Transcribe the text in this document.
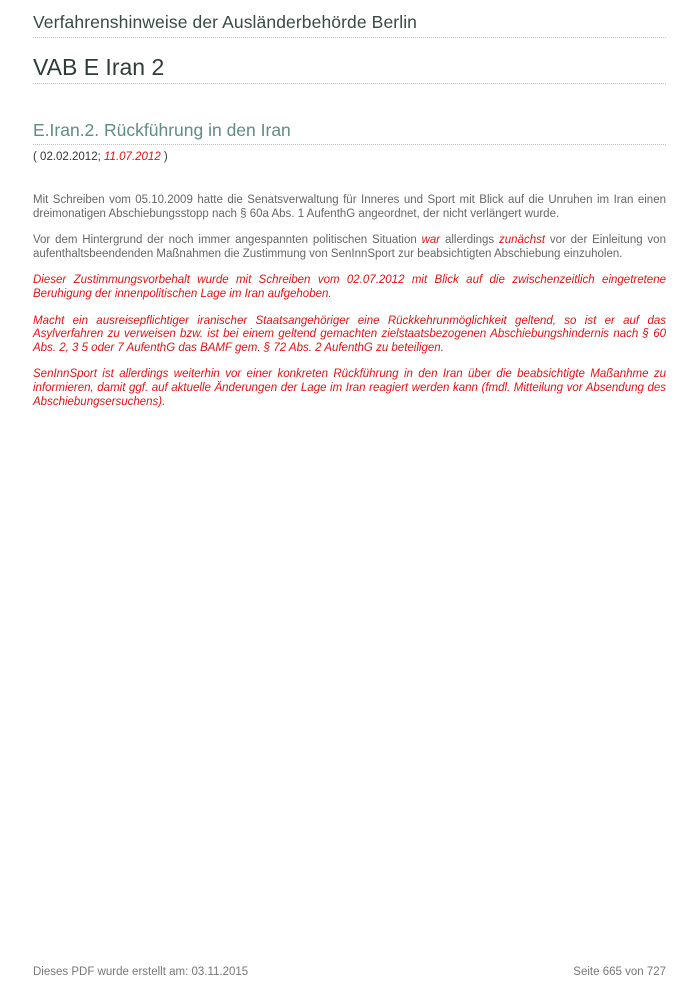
Verfahrenshinweise der Ausländerbehörde Berlin
VAB E Iran 2
E.Iran.2. Rückführung in den Iran
( 02.02.2012; 11.07.2012 )

Mit Schreiben vom 05.10.2009 hatte die Senatsverwaltung für Inneres und Sport mit Blick auf die Unruhen im Iran einen dreimonatigen Abschiebungsstopp nach § 60a Abs. 1 AufenthG angeordnet, der nicht verlängert wurde.

Vor dem Hintergrund der noch immer angespannten politischen Situation war allerdings zunächst vor der Einleitung von aufenthaltsbeendenden Maßnahmen die Zustimmung von SenInnSport zur beabsichtigten Abschiebung einzuholen.

Dieser Zustimmungsvorbehalt wurde mit Schreiben vom 02.07.2012 mit Blick auf die zwischenzeitlich eingetretene Beruhigung der innenpolitischen Lage im Iran aufgehoben.

Macht ein ausreisepflichtiger iranischer Staatsangehöriger eine Rückkehrunmöglichkeit geltend, so ist er auf das Asylverfahren zu verweisen bzw. ist bei einem geltend gemachten zielstaatsbezogenen Abschiebungshindernis nach § 60 Abs. 2, 3 5 oder 7 AufenthG das BAMF gem. § 72 Abs. 2 AufenthG zu beteiligen.

SenInnSport ist allerdings weiterhin vor einer konkreten Rückführung in den Iran über die beabsichtigte Maßanhme zu informieren, damit ggf. auf aktuelle Änderungen der Lage im Iran reagiert werden kann (fmdl. Mitteilung vor Absendung des Abschiebungsersuchens).

Dieses PDF wurde erstellt am: 03.11.2015	Seite 665 von 727
